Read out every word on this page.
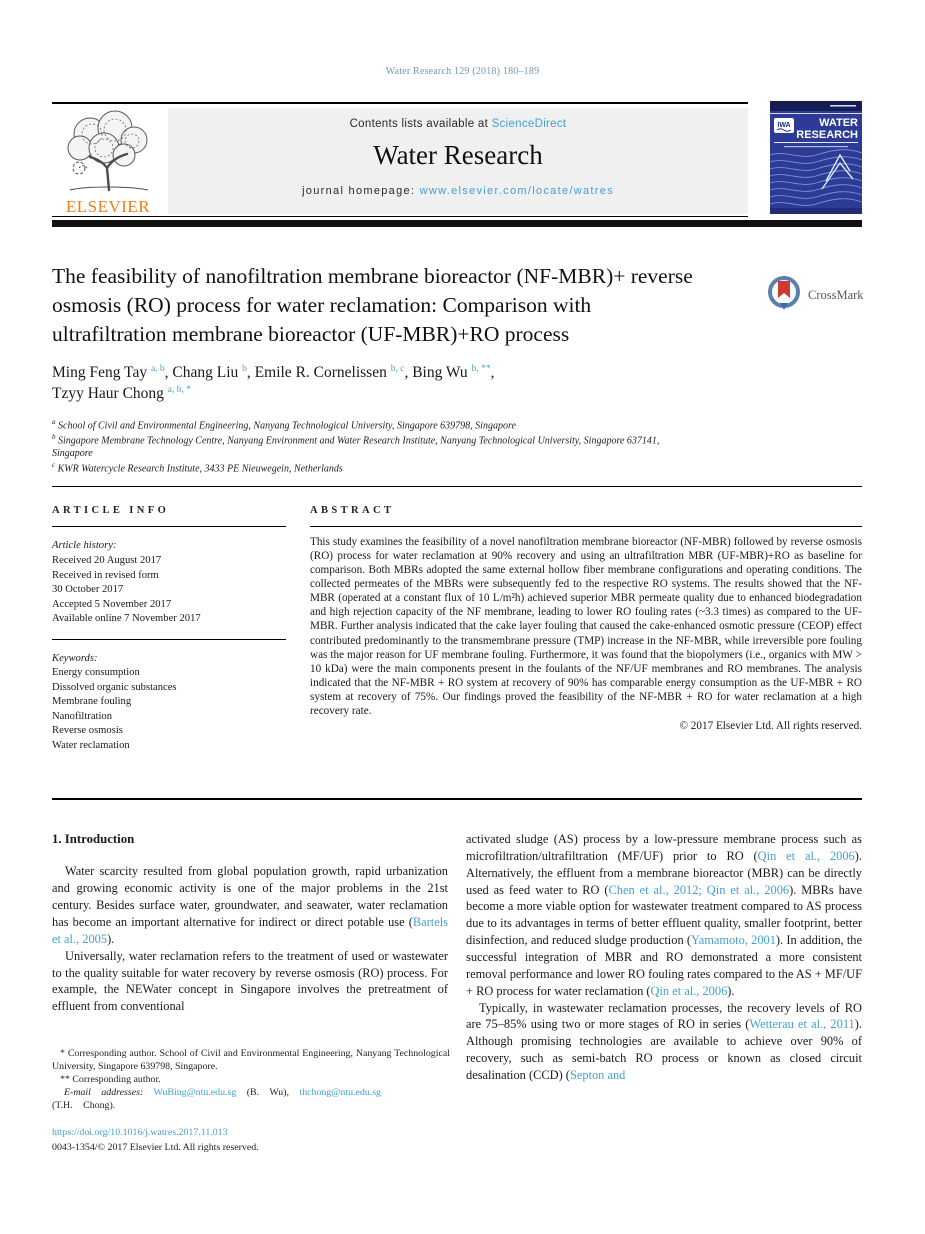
Water Research 129 (2018) 180–189
ELSEVIER
Contents lists available at ScienceDirect
Water Research
journal homepage: www.elsevier.com/locate/watres
IWA	WATER
RESEARCH
The feasibility of nanofiltration membrane bioreactor (NF-MBR)+ reverse osmosis (RO) process for water reclamation: Comparison with ultrafiltration membrane bioreactor (UF-MBR)+RO process
CrossMark
Ming Feng Tay $^{a, b}$, Chang Liu $^b$, Emile R. Cornelissen $^{b, c}$, Bing Wu $^{b, **}$,
Tzyy Haur Chong $^{a, b, *}$
$^a$ School of Civil and Environmental Engineering, Nanyang Technological University, Singapore 639798, Singapore
$^b$ Singapore Membrane Technology Centre, Nanyang Environment and Water Research Institute, Nanyang Technological University, Singapore 637141,
Singapore
$^c$ KWR Watercycle Research Institute, 3433 PE Nieuwegein, Netherlands
ARTICLE INFO
Article history:
Received 20 August 2017
Received in revised form
30 October 2017
Accepted 5 November 2017
Available online 7 November 2017
Keywords:
Energy consumption
Dissolved organic substances
Membrane fouling
Nanofiltration
Reverse osmosis
Water reclamation
ABSTRACT
This study examines the feasibility of a novel nanofiltration membrane bioreactor (NF-MBR) followed by reverse osmosis (RO) process for water reclamation at 90% recovery and using an ultrafiltration MBR (UF-MBR)+RO as baseline for comparison. Both MBRs adopted the same external hollow fiber membrane configurations and operating conditions. The collected permeates of the MBRs were subsequently fed to the respective RO systems. The results showed that the NF-MBR (operated at a constant flux of 10 L/m²h) achieved superior MBR permeate quality due to enhanced biodegradation and high rejection capacity of the NF membrane, leading to lower RO fouling rates (~3.3 times) as compared to the UF-MBR. Further analysis indicated that the cake layer fouling that caused the cake-enhanced osmotic pressure (CEOP) effect contributed predominantly to the transmembrane pressure (TMP) increase in the NF-MBR, while irreversible pore fouling was the major reason for UF membrane fouling. Furthermore, it was found that the biopolymers (i.e., organics with MW > 10 kDa) were the main components present in the foulants of the NF/UF membranes and RO membranes. The analysis indicated that the NF-MBR + RO system at recovery of 90% has comparable energy consumption as the UF-MBR + RO system at recovery of 75%. Our findings proved the feasibility of the NF-MBR + RO for water reclamation at a high recovery rate.
© 2017 Elsevier Ltd. All rights reserved.
1. Introduction

Water scarcity resulted from global population growth, rapid urbanization and growing economic activity is one of the major problems in the 21st century. Besides surface water, groundwater, and seawater, water reclamation has become an important alternative for indirect or direct potable use (Bartels et al., 2005).

Universally, water reclamation refers to the treatment of used or wastewater to the quality suitable for water recovery by reverse osmosis (RO) process. For example, the NEWater concept in Singapore involves the pretreatment of effluent from conventional

activated sludge (AS) process by a low-pressure membrane process such as microfiltration/ultrafiltration (MF/UF) prior to RO (Qin et al., 2006). Alternatively, the effluent from a membrane bioreactor (MBR) can be directly used as feed water to RO (Chen et al., 2012; Qin et al., 2006). MBRs have become a more viable option for wastewater treatment compared to AS process due to its advantages in terms of better effluent quality, smaller footprint, better disinfection, and reduced sludge production (Yamamoto, 2001). In addition, the successful integration of MBR and RO demonstrated a more consistent removal performance and lower RO fouling rates compared to the AS + MF/UF + RO process for water reclamation (Qin et al., 2006).

Typically, in wastewater reclamation processes, the recovery levels of RO are 75–85% using two or more stages of RO in series (Wetterau et al., 2011). Although promising technologies are available to achieve over 90% of recovery, such as semi-batch RO process or known as closed circuit desalination (CCD) (Septon and

* Corresponding author. School of Civil and Environmental Engineering, Nanyang Technological University, Singapore 639798, Singapore.

** Corresponding author.

E-mail addresses: WuBing@ntu.edu.sg (B. Wu), thchong@ntu.edu.sg
(T.H. Chong).

https://doi.org/10.1016/j.watres.2017.11.013
0043-1354/© 2017 Elsevier Ltd. All rights reserved.
